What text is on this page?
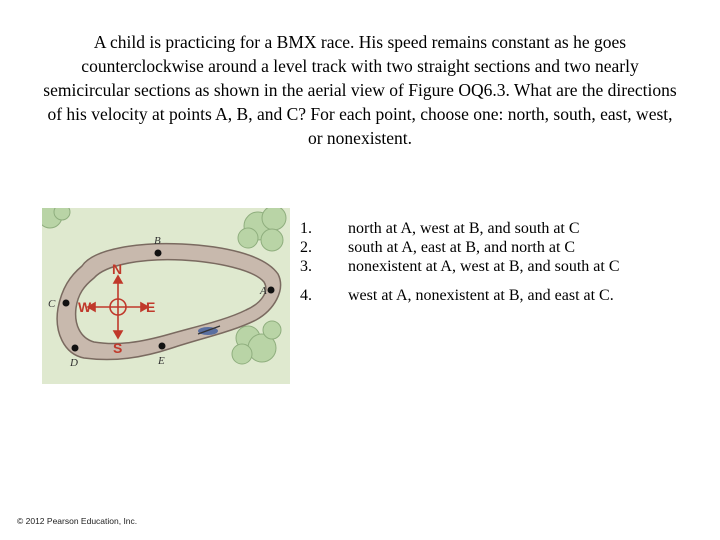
A child is practicing for a BMX race. His speed remains constant as he goes counterclockwise around a level track with two straight sections and two nearly semicircular sections as shown in the aerial view of Figure OQ6.3. What are the directions of his velocity at points A, B, and C? For each point, choose one: north, south, east, west, or nonexistent.

N
S
E
W
B
A
C
D	E
1.	north at A, west at B, and south at C
2.	south at A, east at B, and north at C
3.	nonexistent at A, west at B, and south at C
4.	west at A, nonexistent at B, and east at C.
© 2012 Pearson Education, Inc.
